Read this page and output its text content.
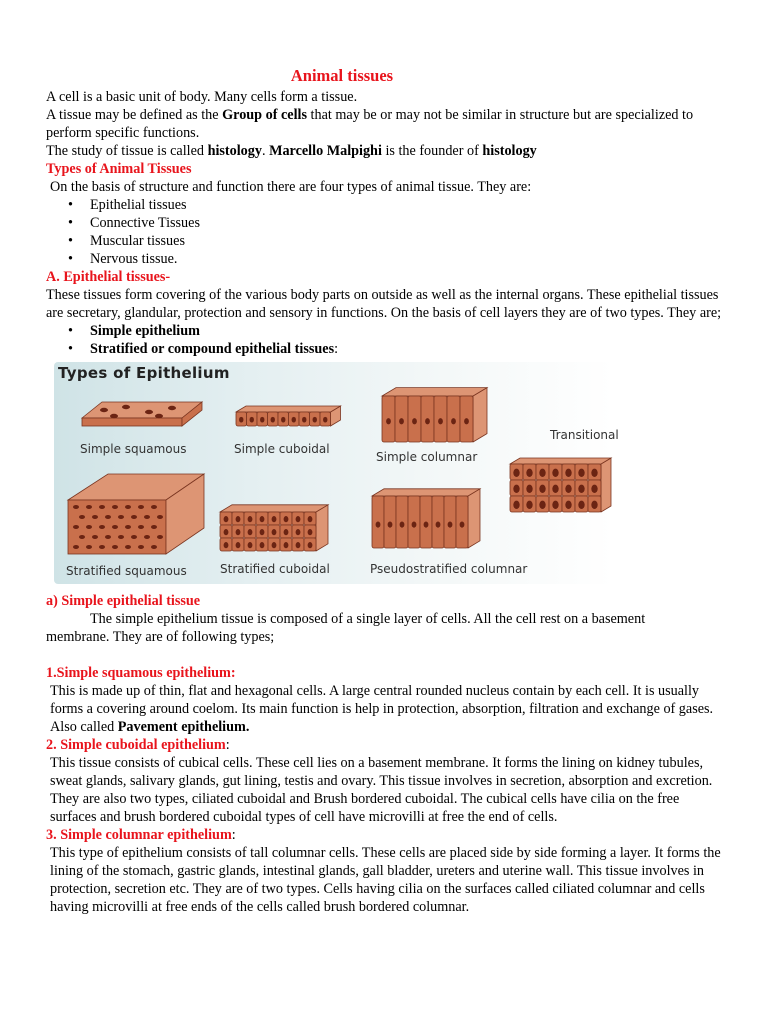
Animal tissues

A cell is a basic unit of body. Many cells form a tissue.

A tissue may be defined as the Group of cells that may be or may not be similar in structure but are specialized to perform specific functions.

The study of tissue is called histology. Marcello Malpighi is the founder of histology

Types of Animal Tissues

On the basis of structure and function there are four types of animal tissue. They are:

• Epithelial tissues
• Connective Tissues
• Muscular tissues
• Nervous tissue.
A. Epithelial tissues-

These tissues form covering of the various body parts on outside as well as the internal organs. These epithelial tissues are secretary, glandular, protection and sensory in functions. On the basis of cell layers they are of two types. They are;

• Simple epithelium
• Stratified or compound epithelial tissues:
Types of Epithelium
Simple squamous	Simple cuboidal
Simple columnar
Transitional
Stratified squamous	Stratified cuboidal	Pseudostratified columnar
a) Simple epithelial tissue

The simple epithelium tissue is composed of a single layer of cells. All the cell rest on a basement

membrane. They are of following types;

1.Simple squamous epithelium:

This is made up of thin, flat and hexagonal cells. A large central rounded nucleus contain by each cell. It is usually forms a covering around coelom. Its main function is help in protection, absorption, filtration and exchange of gases. Also called Pavement epithelium.

2. Simple cuboidal epithelium:

This tissue consists of cubical cells. These cell lies on a basement membrane. It forms the lining on kidney tubules, sweat glands, salivary glands, gut lining, testis and ovary. This tissue involves in secretion, absorption and excretion. They are also two types, ciliated cuboidal and Brush bordered cuboidal. The cubical cells have cilia on the free surfaces and brush bordered cuboidal types of cell have microvilli at free the end of cells.

3. Simple columnar epithelium:

This type of epithelium consists of tall columnar cells. These cells are placed side by side forming a layer. It forms the lining of the stomach, gastric glands, intestinal glands, gall bladder, ureters and uterine wall. This tissue involves in protection, secretion etc. They are of two types. Cells having cilia on the surfaces called ciliated columnar and cells having microvilli at free ends of the cells called brush bordered columnar.
